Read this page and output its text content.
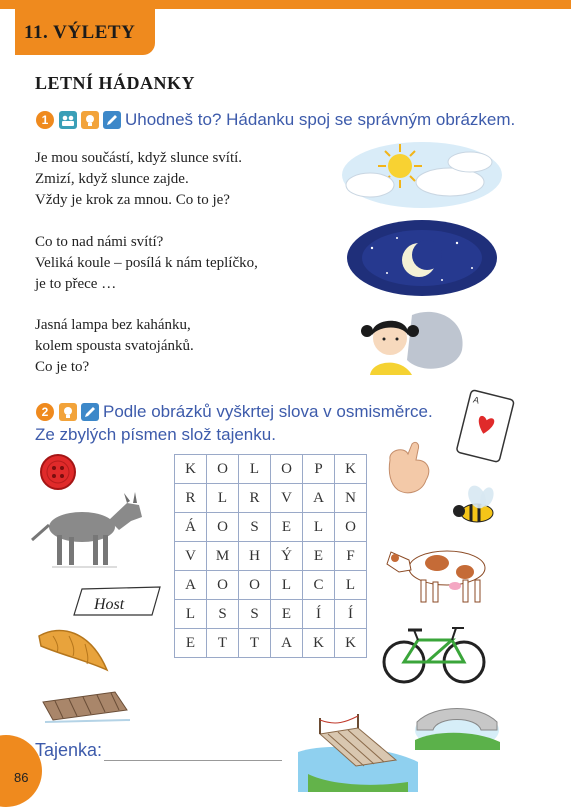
11. VÝLETY
LETNÍ HÁDANKY
1	Uhodneš to? Hádanku spoj se správným obrázkem.
Je mou součástí, když slunce svítí.
Zmizí, když slunce zajde.
Vždy je krok za mnou. Co to je?
Co to nad námi svítí?
Veliká koule – posílá k nám teplíčko,
je to přece …
Jasná lampa bez kahánku,
kolem spousta svatojánků.
Co je to?
2	Podle obrázků vyškrtej slova v osmisměrce.
Ze zbylých písmen slož tajenku.
A
K	O	L	O	P	K
R	L	R	V	A	N
Á	O	S	E	L	O
V	M	H	Ý	E	F
A	O	O	L	C	L
L	S	S	E	Í	Í
E	T	T	A	K	K
Host
Tajenka:
86
